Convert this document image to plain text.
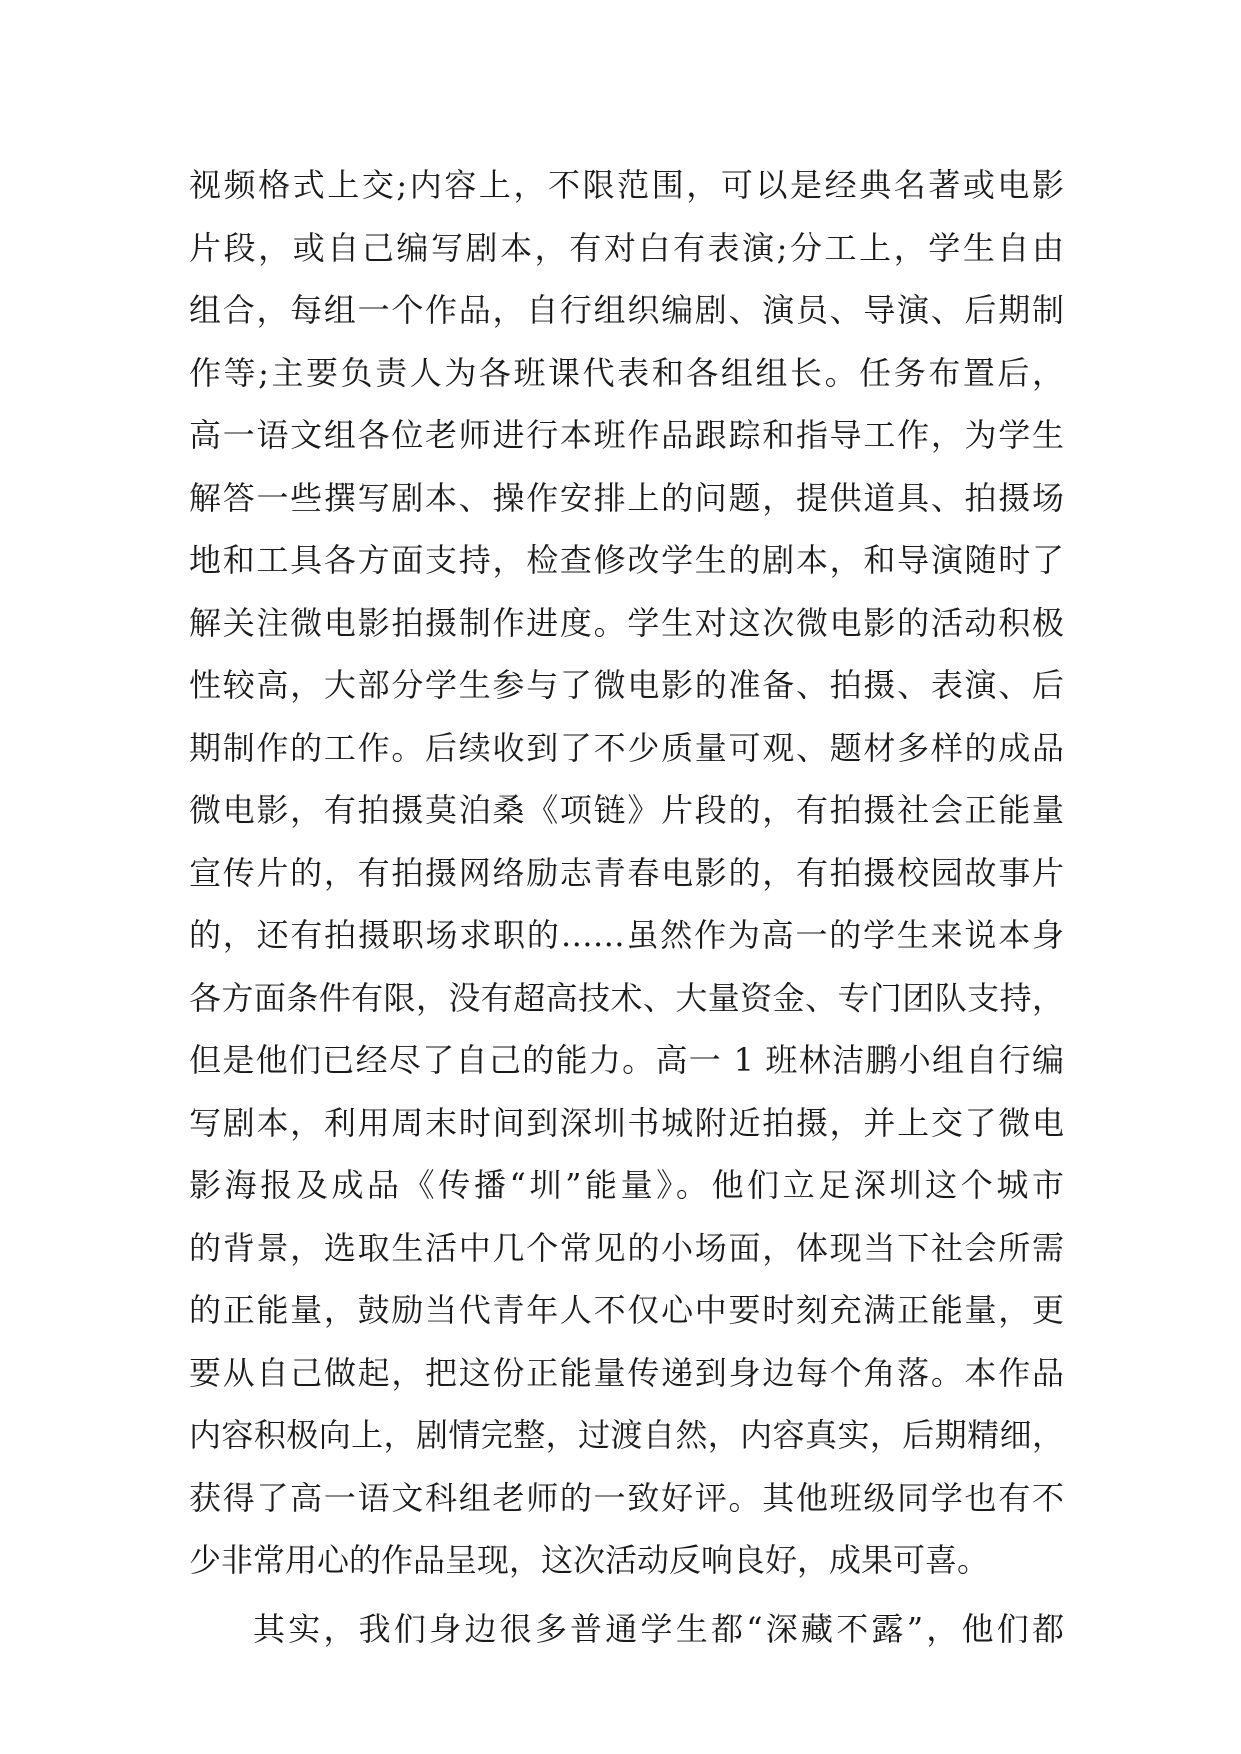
视频格式上交;内容上，不限范围，可以是经典名著或电影
片段，或自己编写剧本，有对白有表演;分工上，学生自由
组合，每组一个作品，自行组织编剧、演员、导演、后期制
作等;主要负责人为各班课代表和各组组长。任务布置后，
高一语文组各位老师进行本班作品跟踪和指导工作，为学生
解答一些撰写剧本、操作安排上的问题，提供道具、拍摄场
地和工具各方面支持，检查修改学生的剧本，和导演随时了
解关注微电影拍摄制作进度。学生对这次微电影的活动积极
性较高，大部分学生参与了微电影的准备、拍摄、表演、后
期制作的工作。后续收到了不少质量可观、题材多样的成品
微电影，有拍摄莫泊桑《项链》片段的，有拍摄社会正能量
宣传片的，有拍摄网络励志青春电影的，有拍摄校园故事片
的，还有拍摄职场求职的……虽然作为高一的学生来说本身
各方面条件有限，没有超高技术、大量资金、专门团队支持，
但是他们已经尽了自己的能力。高一 1 班林洁鹏小组自行编
写剧本，利用周末时间到深圳书城附近拍摄，并上交了微电
影海报及成品《传播“圳”能量》。他们立足深圳这个城市
的背景，选取生活中几个常见的小场面，体现当下社会所需
的正能量，鼓励当代青年人不仅心中要时刻充满正能量，更
要从自己做起，把这份正能量传递到身边每个角落。本作品
内容积极向上，剧情完整，过渡自然，内容真实，后期精细，
获得了高一语文科组老师的一致好评。其他班级同学也有不
少非常用心的作品呈现，这次活动反响良好，成果可喜。
其实，我们身边很多普通学生都“深藏不露”，他们都
